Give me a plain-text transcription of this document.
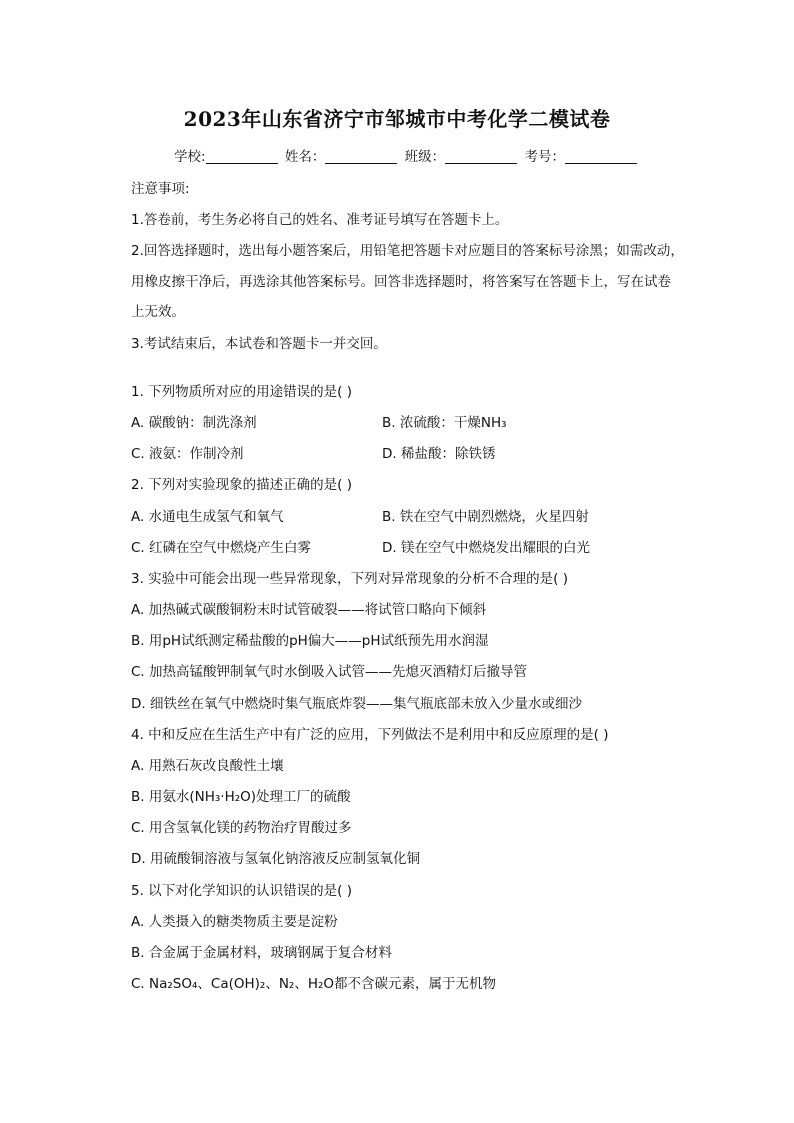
2023年山东省济宁市邹城市中考化学二模试卷
学校:	姓名：	班级：	考号：
注意事项:
1.答卷前，考生务必将自己的姓名、准考证号填写在答题卡上。
2.回答选择题时，选出每小题答案后，用铅笔把答题卡对应题目的答案标号涂黑；如需改动，
用橡皮擦干净后，再选涂其他答案标号。回答非选择题时，将答案写在答题卡上，写在试卷
上无效。
3.考试结束后，本试卷和答题卡一并交回。
1. 下列物质所对应的用途错误的是( )
A. 碳酸钠：制洗涤剂	B. 浓硫酸：干燥NH₃
C. 液氨：作制冷剂	D. 稀盐酸：除铁锈
2. 下列对实验现象的描述正确的是( )
A. 水通电生成氢气和氧气	B. 铁在空气中剧烈燃烧，火星四射
C. 红磷在空气中燃烧产生白雾	D. 镁在空气中燃烧发出耀眼的白光
3. 实验中可能会出现一些异常现象，下列对异常现象的分析不合理的是( )
A. 加热碱式碳酸铜粉末时试管破裂——将试管口略向下倾斜
B. 用pH试纸测定稀盐酸的pH偏大——pH试纸预先用水润湿
C. 加热高锰酸钾制氧气时水倒吸入试管——先熄灭酒精灯后撤导管
D. 细铁丝在氧气中燃烧时集气瓶底炸裂——集气瓶底部未放入少量水或细沙
4. 中和反应在生活生产中有广泛的应用，下列做法不是利用中和反应原理的是( )
A. 用熟石灰改良酸性土壤
B. 用氨水(NH₃·H₂O)处理工厂的硫酸
C. 用含氢氧化镁的药物治疗胃酸过多
D. 用硫酸铜溶液与氢氧化钠溶液反应制氢氧化铜
5. 以下对化学知识的认识错误的是( )
A. 人类摄入的糖类物质主要是淀粉
B. 合金属于金属材料，玻璃钢属于复合材料
C. Na₂SO₄、Ca(OH)₂、N₂、H₂O都不含碳元素，属于无机物
